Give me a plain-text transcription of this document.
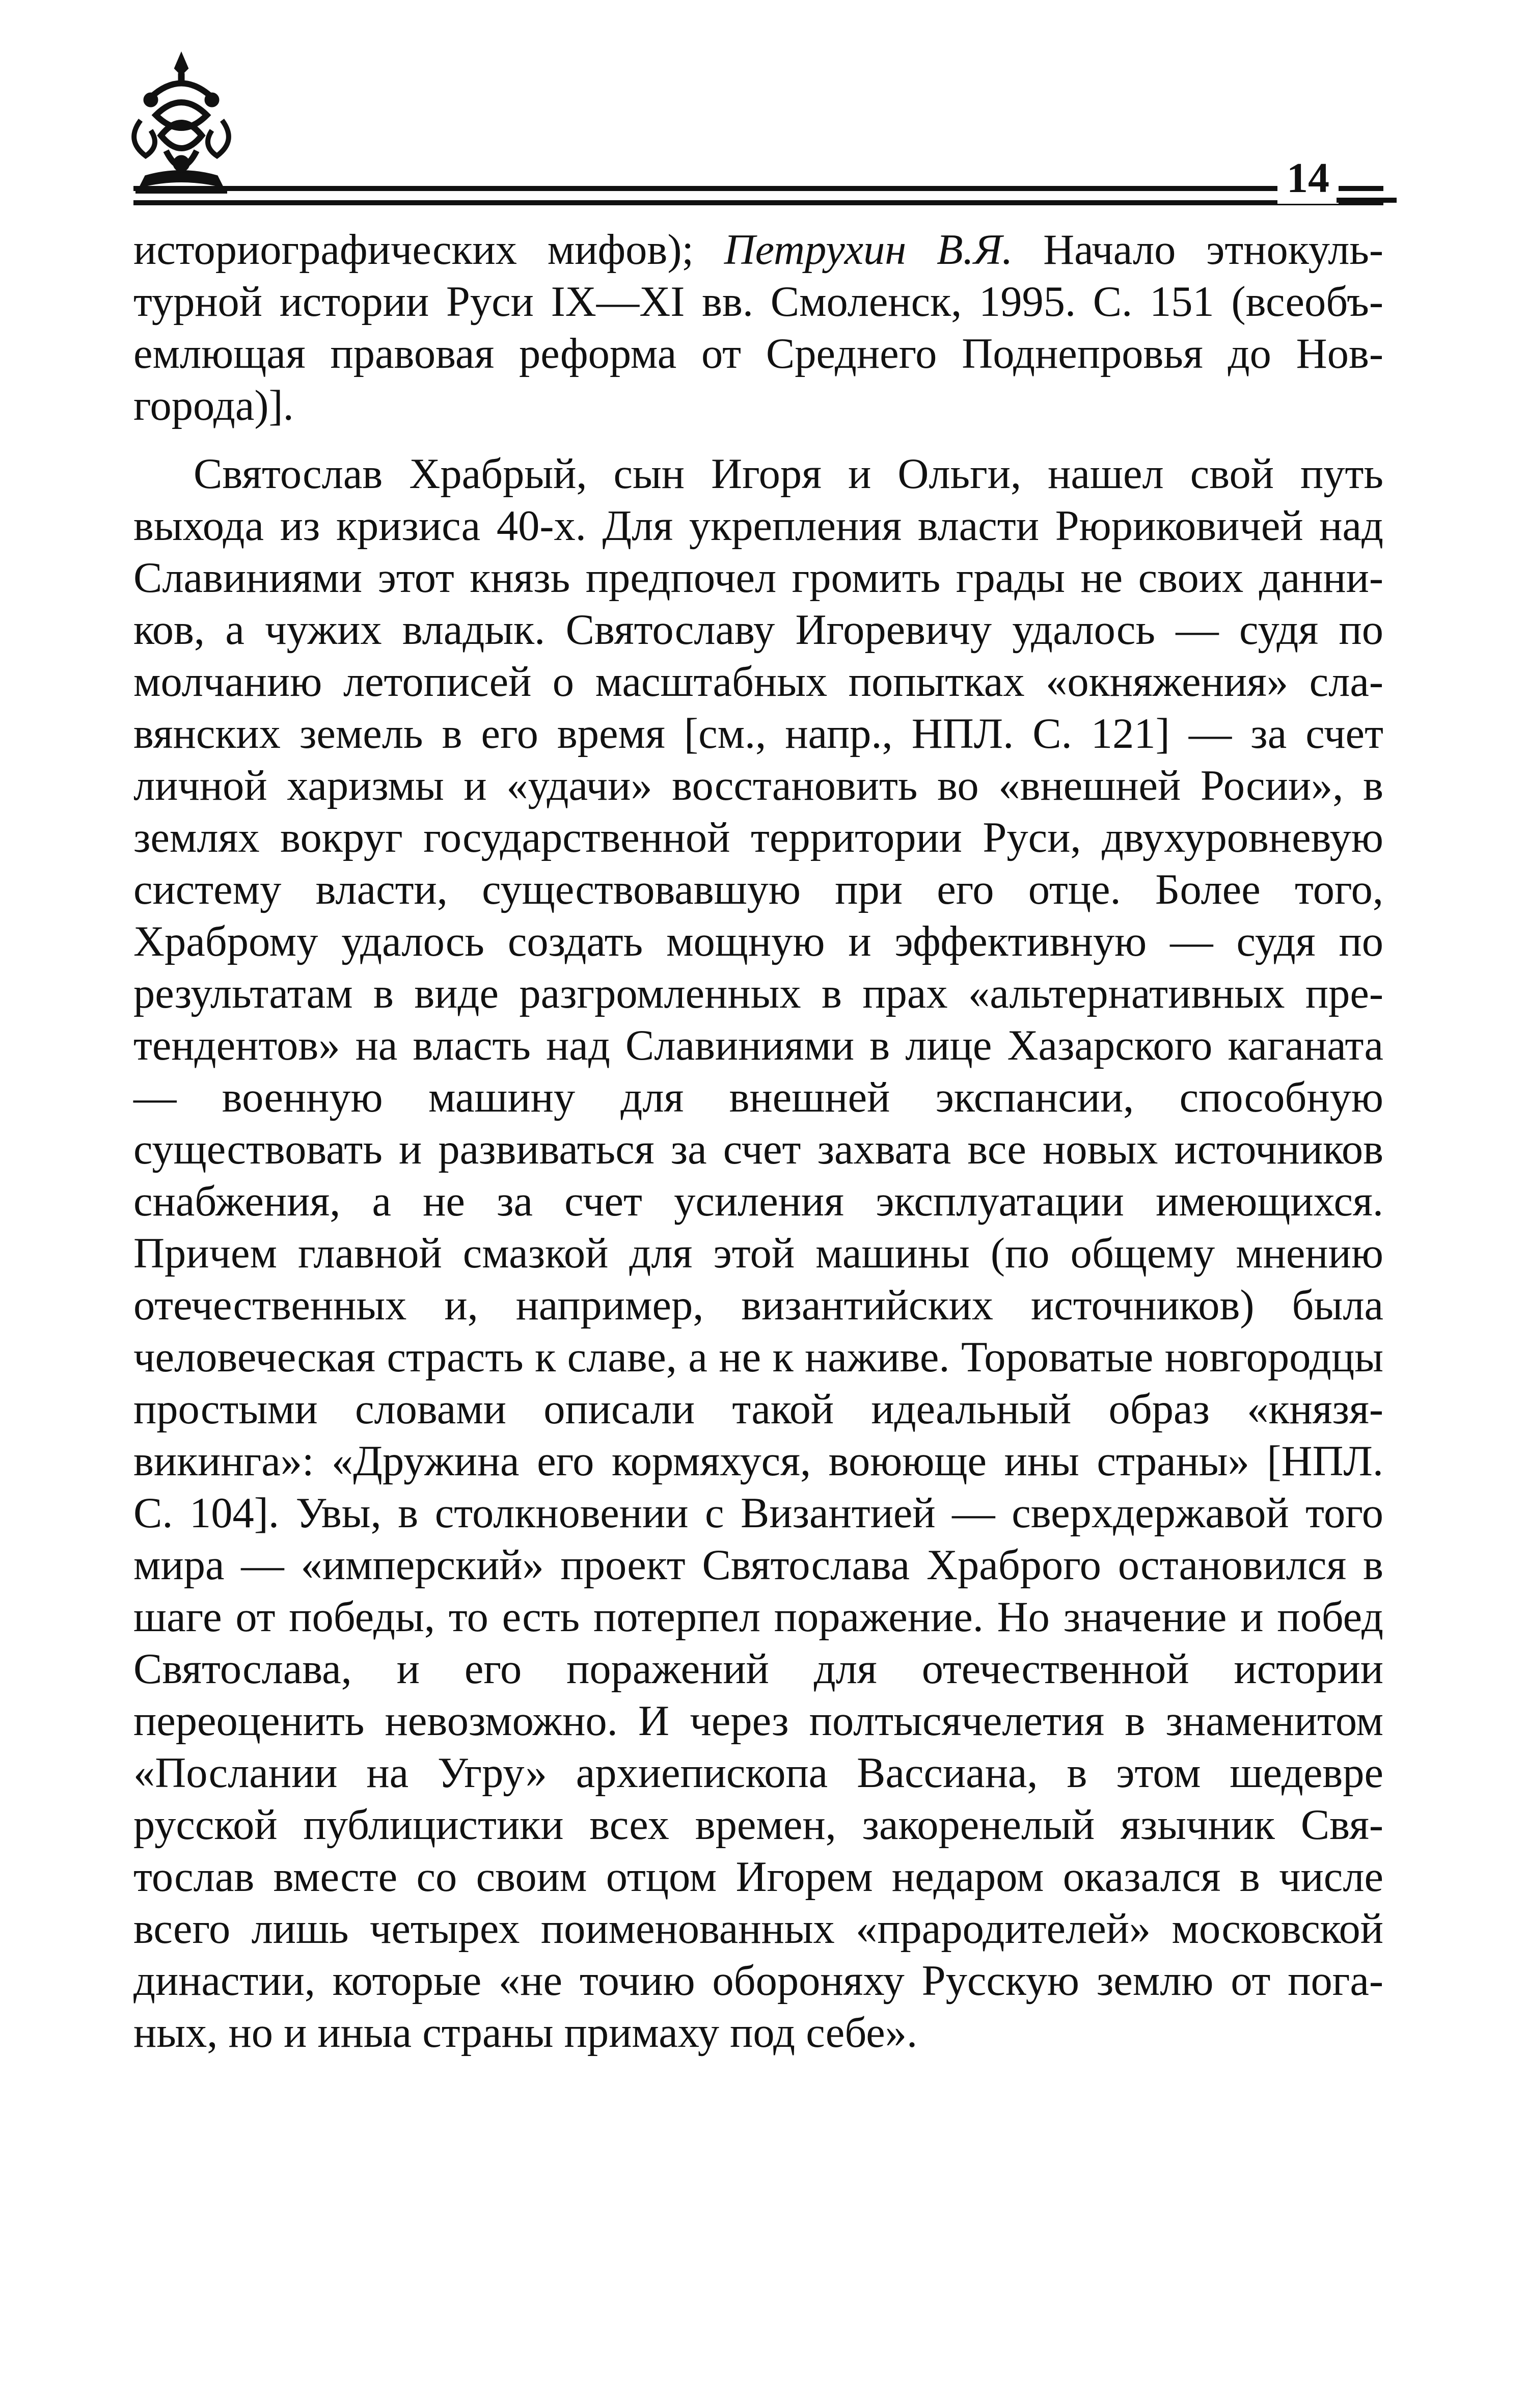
14

историографических мифов); Петрухин В.Я. Начало этнокультурной истории Руси IX—XI вв. Смоленск, 1995. С. 151 (всеобъемлющая правовая реформа от Среднего Поднепровья до Новгорода)].

Святослав Храбрый, сын Игоря и Ольги, нашел свой путь выхода из кризиса 40-х. Для укрепления власти Рюриковичей над Славиниями этот князь предпочел громить грады не своих данников, а чужих владык. Святославу Игоревичу удалось — судя по молчанию летописей о масштабных попытках «окняжения» славянских земель в его время [см., напр., НПЛ. С. 121] — за счет личной харизмы и «удачи» восстановить во «внешней Росии», в землях вокруг государственной территории Руси, двухуровневую систему власти, существовавшую при его отце. Более того, Храброму удалось создать мощную и эффективную — судя по результатам в виде разгромленных в прах «альтернативных претендентов» на власть над Славиниями в лице Хазарского каганата — военную машину для внешней экспансии, способную существовать и развиваться за счет захвата все новых источников снабжения, а не за счет усиления эксплуатации имеющихся. Причем главной смазкой для этой машины (по общему мнению отечественных и, например, византийских источников) была человеческая страсть к славе, а не к наживе. Тороватые новгородцы простыми словами описали такой идеальный образ «князя-викинга»: «Дружина его кормяхуся, воююще ины страны» [НПЛ. С. 104]. Увы, в столкновении с Византией — сверхдержавой того мира — «имперский» проект Святослава Храброго остановился в шаге от победы, то есть потерпел поражение. Но значение и побед Святослава, и его поражений для отечественной истории переоценить невозможно. И через полтысячелетия в знаменитом «Послании на Угру» архиепископа Вассиана, в этом шедевре русской публицистики всех времен, закоренелый язычник Святослав вместе со своим отцом Игорем недаром оказался в числе всего лишь четырех поименованных «прародителей» московской династии, которые «не точию обороняху Русскую землю от поганых, но и иныа страны примаху под себе».
